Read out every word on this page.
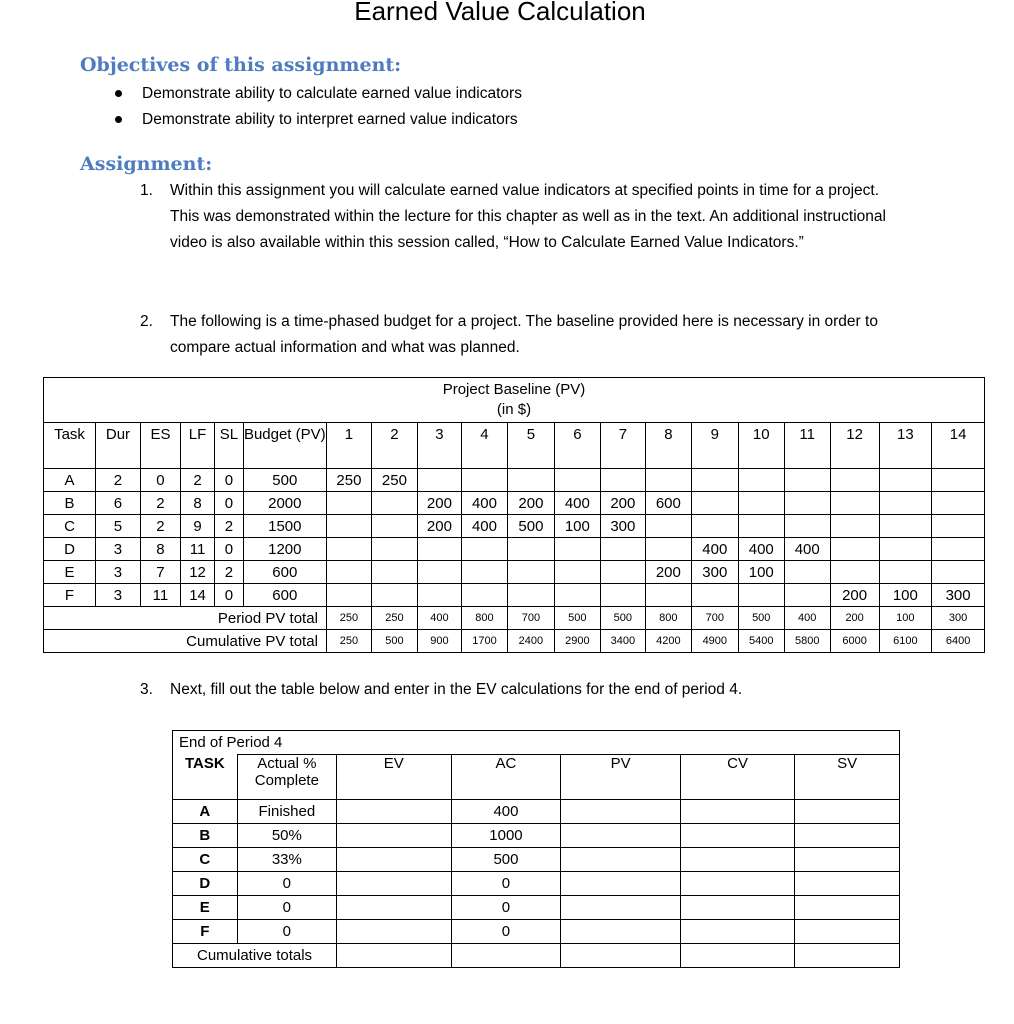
Earned Value Calculation
Objectives of this assignment:
Demonstrate ability to calculate earned value indicators
Demonstrate ability to interpret earned value indicators
Assignment:
1. Within this assignment you will calculate earned value indicators at specified points in time for a project. This was demonstrated within the lecture for this chapter as well as in the text. An additional instructional video is also available within this session called, “How to Calculate Earned Value Indicators.”
2. The following is a time-phased budget for a project. The baseline provided here is necessary in order to compare actual information and what was planned.
Project Baseline (PV)
(in $)																			

Task	Dur	ES	LF	SL	Budget (PV)	1	2	3	4	5	6	7	8	9	10	11	12	13	14
A	2	0	2	0	500	250	250												
B	6	2	8	0	2000			200	400	200	400	200	600						
C	5	2	9	2	1500			200	400	500	100	300							
D	3	8	11	0	1200									400	400	400			
E	3	7	12	2	600								200	300	100				
F	3	11	14	0	600												200	100	300
Period PV total						250	250	400	800	700	500	500	800	700	500	400	200	100	300
Cumulative PV total						250	500	900	1700	2400	2900	3400	4200	4900	5400	5800	6000	6100	6400
3. Next, fill out the table below and enter in the EV calculations for the end of period 4.
End of Period 4						
TASK	Actual % Complete	EV	AC	PV	CV	SV
A	Finished		400			
B	50%		1000			
C	33%		500			
D	0		0			
E	0		0			
F	0		0			
Cumulative totals						
